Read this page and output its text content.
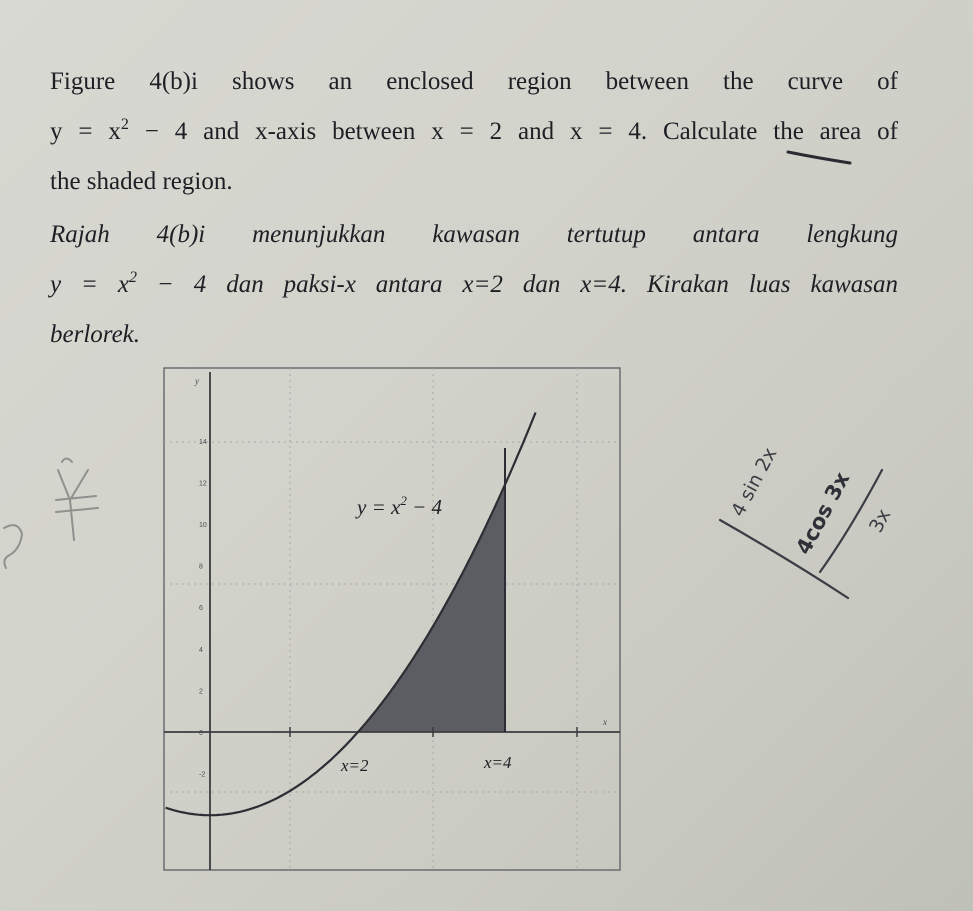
Figure 4(b)i shows an enclosed region between the curve of
$y = x^2 - 4$ and x-axis between x = 2 and x = 4. Calculate the area of
the shaded region.
Rajah 4(b)i menunjukkan kawasan tertutup antara lengkung
$y = x^2 - 4$ dan paksi-x antara x=2 dan x=4. Kirakan luas kawasan
berlorek.
14
12
10
8
6
4
2
0
-2
y
x
$y = x^2 - 4$
x=2	x=4
5 ¥
4 sin 2x 4cos 3x 3x
